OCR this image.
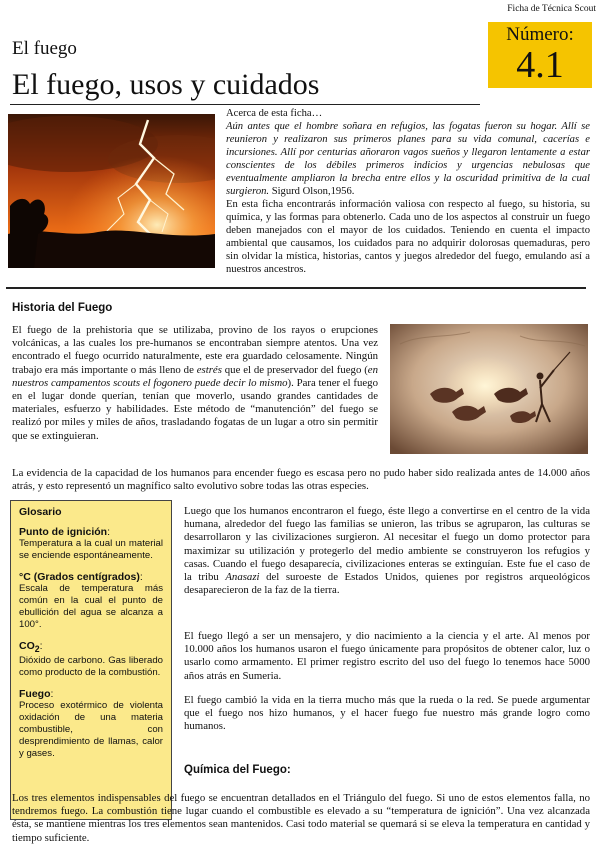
Ficha de Técnica Scout
Número:
4.1
El fuego
El fuego, usos y cuidados
Acerca de esta ficha…

Aún antes que el hombre soñara en refugios, las fogatas fueron su hogar. Allí se reunieron y realizaron sus primeros planes para su vida comunal, cacerías e incursiones. Allí por centurias añoraron vagos sueños y llegaron lentamente a estar conscientes de los débiles primeros indicios y urgencias nebulosas que eventualmente ampliaron la brecha entre ellos y la oscuridad primitiva de la cual surgieron. Sigurd Olson,1956.

En esta ficha encontrarás información valiosa con respecto al fuego, su historia, su química, y las formas para obtenerlo. Cada uno de los aspectos al construir un fuego deben manejados con el mayor de los cuidados. Teniendo en cuenta el impacto ambiental que causamos, los cuidados para no adquirir dolorosas quemaduras, pero sin olvidar la mística, historias, cantos y juegos alrededor del fuego, emulando así a nuestros ancestros.

Historia del Fuego

El fuego de la prehistoria que se utilizaba, provino de los rayos o erupciones volcánicas, a las cuales los pre-humanos se encontraban siempre atentos. Una vez encontrado el fuego ocurrido naturalmente, este era guardado celosamente. Ningún trabajo era más importante o más lleno de estrés que el de preservador del fuego (en nuestros campamentos scouts el fogonero puede decir lo mismo). Para tener el fuego en el lugar donde querían, tenían que moverlo, usando grandes cantidades de materiales, esfuerzo y habilidades. Este método de “manutención” del fuego se realizó por miles y miles de años, trasladando fogatas de un lugar a otro sin permitir que se extinguieran.

La evidencia de la capacidad de los humanos para encender fuego es escasa pero no pudo haber sido realizada antes de 14.000 años atrás, y esto representó un magnífico salto evolutivo sobre todas las otras especies.

Glosario
Punto de ignición:
Temperatura a la cual un material se enciende espontáneamente.
°C (Grados centígrados):
Escala de temperatura más común en la cual el punto de ebullición del agua se alcanza a 100°.
$CO_2$:
Dióxido de carbono. Gas liberado como producto de la combustión.
Fuego:
Proceso exotérmico de violenta oxidación de una materia combustible, con desprendimiento de llamas, calor y gases.

Luego que los humanos encontraron el fuego, éste llego a convertirse en el centro de la vida humana, alrededor del fuego las familias se unieron, las tribus se agruparon, las culturas se desarrollaron y las civilizaciones surgieron. Al necesitar el fuego un domo protector para maximizar su utilización y protegerlo del medio ambiente se construyeron los refugios y casas. Cuando el fuego desaparecía, civilizaciones enteras se extinguían. Este fue el caso de la tribu Anasazi del suroeste de Estados Unidos, quienes por registros arqueológicos desaparecieron de la faz de la tierra.

El fuego llegó a ser un mensajero, y dio nacimiento a la ciencia y el arte. Al menos por 10.000 años los humanos usaron el fuego únicamente para propósitos de obtener calor, luz o usarlo como armamento. El primer registro escrito del uso del fuego lo tenemos hace 5000 años atrás en Sumeria.

El fuego cambió la vida en la tierra mucho más que la rueda o la red. Se puede argumentar que el fuego nos hizo humanos, y el hacer fuego fue nuestro más grande logro como humanos.

Química del Fuego:

Los tres elementos indispensables del fuego se encuentran detallados en el Triángulo del fuego. Si uno de estos elementos falla, no tendremos fuego. La combustión tiene lugar cuando el combustible es elevado a su “temperatura de ignición”. Una vez alcanzada ésta, se mantiene mientras los tres elementos sean mantenidos. Casi todo material se quemará si se eleva la temperatura en cantidad y tiempo suficiente.
